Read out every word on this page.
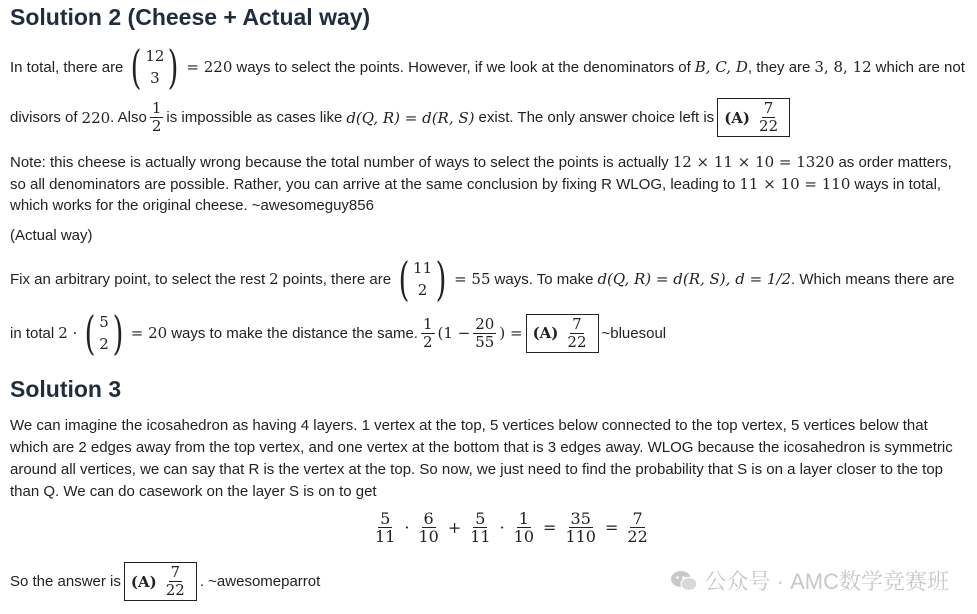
Solution 2 (Cheese + Actual way)
In total, there are ( 12
3 ) = 220 ways to select the points. However, if we look at the denominators of B, C, D , they are 3, 8, 12 which are not
divisors of 220 . Also $\frac{1}{2}$ is impossible as cases like d(Q, R) = d(R, S) exist. The only answer choice left is $(A) \frac{7}{22}$
Note: this cheese is actually wrong because the total number of ways to select the points is actually 12 × 11 × 10 = 1320 as order matters,
so all denominators are possible. Rather, you can arrive at the same conclusion by fixing R WLOG, leading to 11 × 10 = 110 ways in total,
which works for the original cheese. ~awesomeguy856
(Actual way)
Fix an arbitrary point, to select the rest 2 points, there are ( 11
2 ) = 55 ways. To make d(Q, R) = d(R, S), d = 1/2 . Which means there are
in total 2 · ( 5
2 ) = 20 ways to make the distance the same. $\frac{1}{2} (1 - \frac{20}{55}$ ) = $(A) \frac{7}{22}$ ~bluesoul
Solution 3
We can imagine the icosahedron as having 4 layers. 1 vertex at the top, 5 vertices below connected to the top vertex, 5 vertices below that which are 2 edges away from the top vertex, and one vertex at the bottom that is 3 edges away. WLOG because the icosahedron is symmetric around all vertices, we can say that R is the vertex at the top. So now, we just need to find the probability that S is on a layer closer to the top than Q. We can do casework on the layer S is on to get
$\frac{5}{11} \cdot \frac{6}{10} + \frac{5}{11} \cdot \frac{1}{10} = \frac{35}{110} = \frac{7}{22}$
So the answer is $(A) \frac{7}{22}$ . ~awesomeparrot	公众号 · AMC数学竞赛班
